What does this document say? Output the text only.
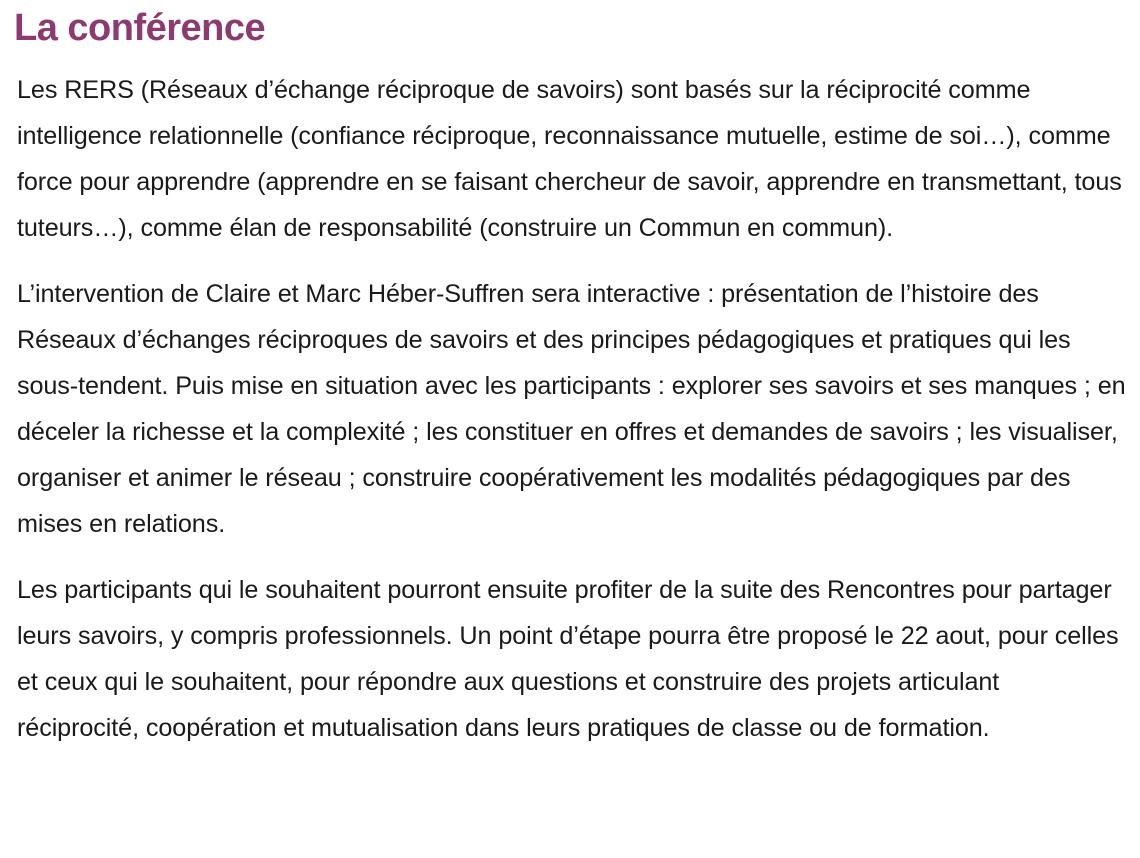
La conférence

Les RERS (Réseaux d’échange réciproque de savoirs) sont basés sur la réciprocité comme intelligence relationnelle (confiance réciproque, reconnaissance mutuelle, estime de soi…), comme force pour apprendre (apprendre en se faisant chercheur de savoir, apprendre en transmettant, tous tuteurs…), comme élan de responsabilité (construire un Commun en commun).

L’intervention de Claire et Marc Héber-Suffren sera interactive : présentation de l’histoire des Réseaux d’échanges réciproques de savoirs et des principes pédagogiques et pratiques qui les sous-tendent. Puis mise en situation avec les participants : explorer ses savoirs et ses manques ; en déceler la richesse et la complexité ; les constituer en offres et demandes de savoirs ; les visualiser, organiser et animer le réseau ; construire coopérativement les modalités pédagogiques par des mises en relations.

Les participants qui le souhaitent pourront ensuite profiter de la suite des Rencontres pour partager leurs savoirs, y compris professionnels. Un point d’étape pourra être proposé le 22 aout, pour celles et ceux qui le souhaitent, pour répondre aux questions et construire des projets articulant réciprocité, coopération et mutualisation dans leurs pratiques de classe ou de formation.
